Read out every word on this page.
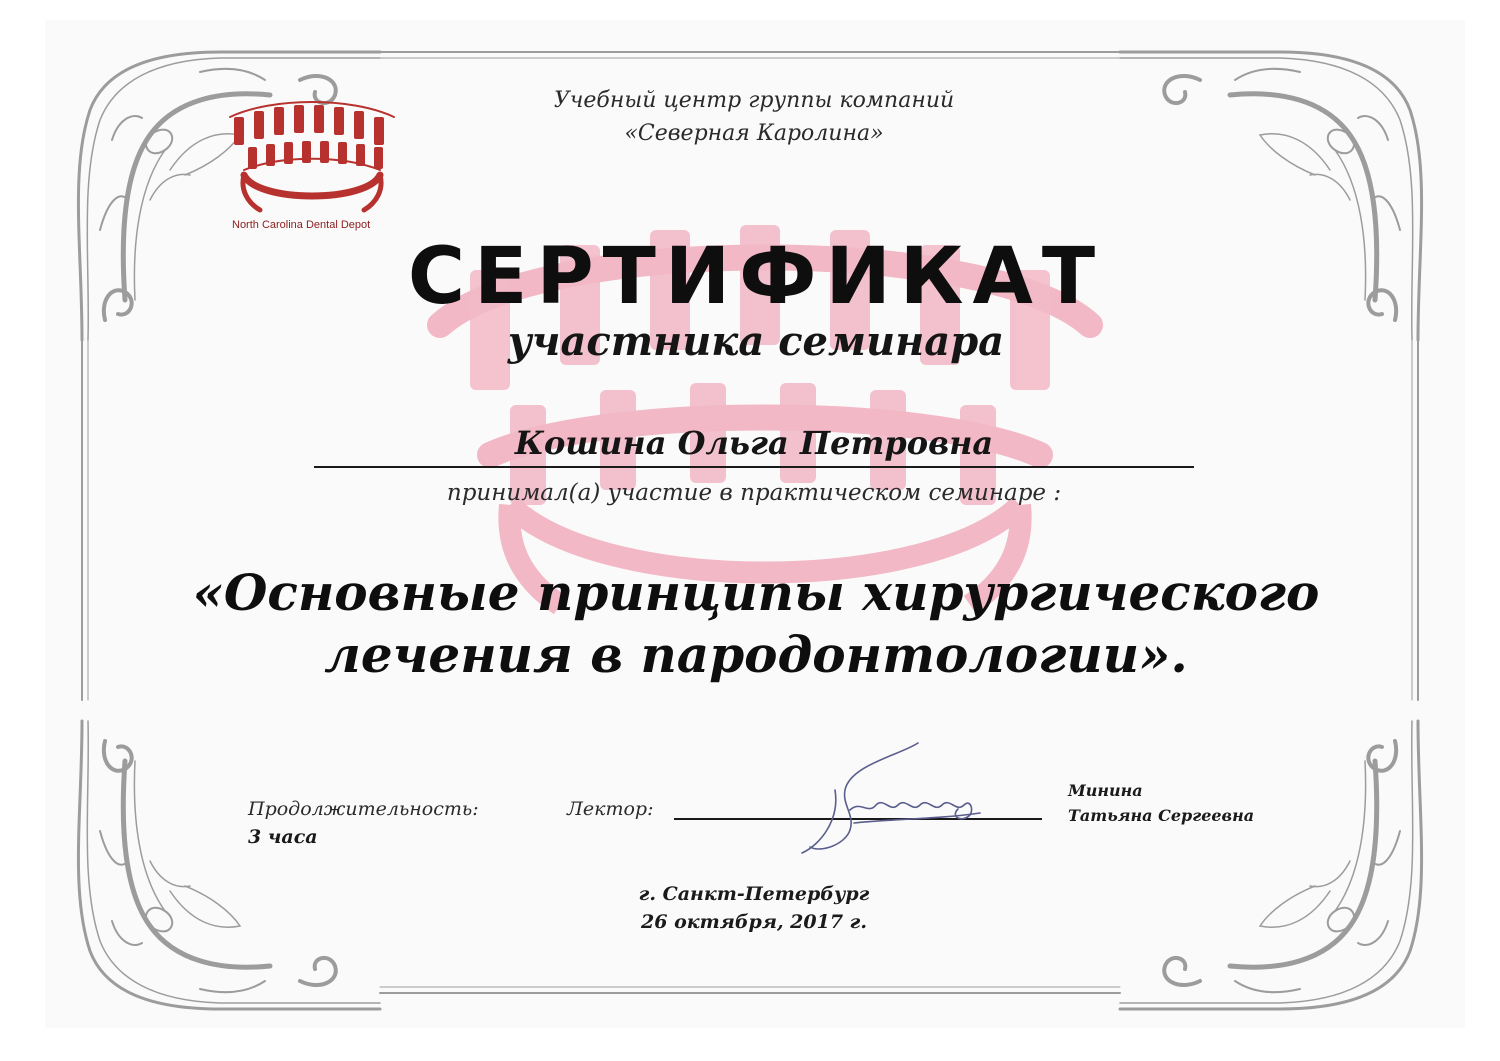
North Carolina Dental Depot
Учебный центр группы компаний
«Северная Каролина»
СЕРТИФИКАТ
участника семинара
Кошина Ольга Петровна
принимал(а) участие в практическом семинаре :
«Основные принципы хирургического
лечения в пародонтологии».
Продолжительность:
3 часа
Лектор:
Минина
Татьяна Сергеевна
г. Санкт-Петербург
26 октября, 2017 г.
